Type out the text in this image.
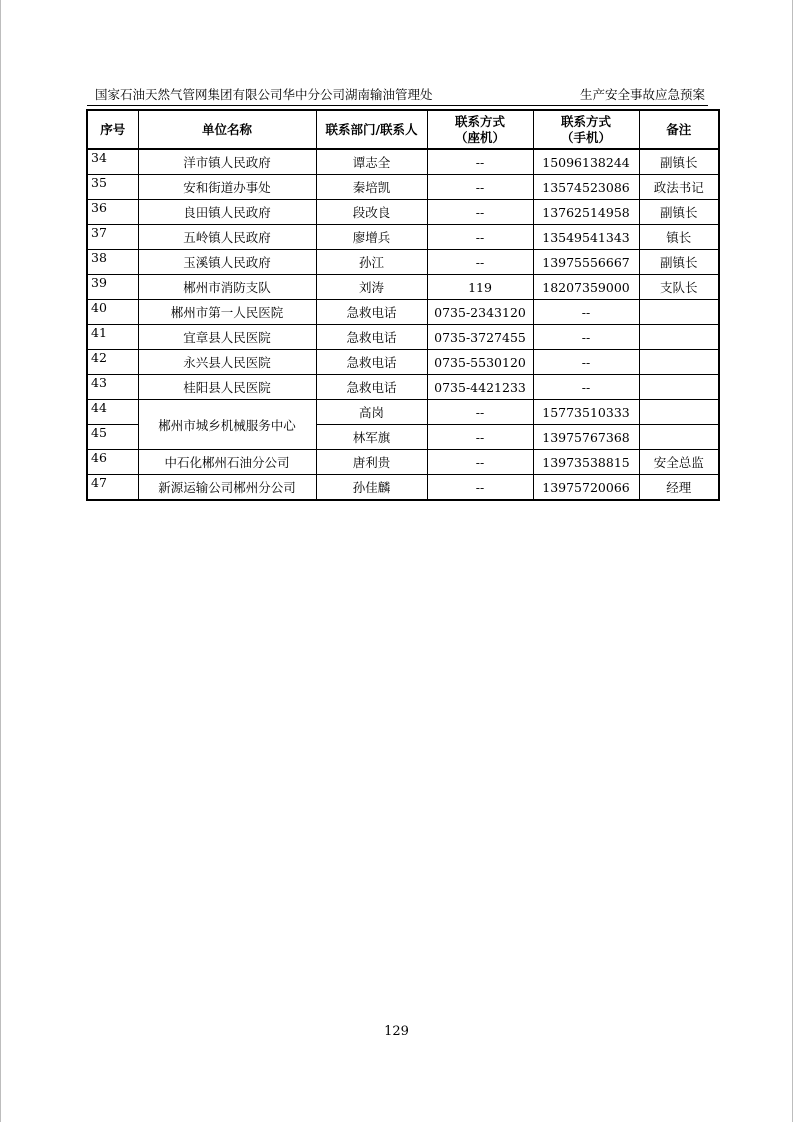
国家石油天然气管网集团有限公司华中分公司湖南输油管理处	生产安全事故应急预案
序号	单位名称	联系部门/联系人	联系方式（座机）	联系方式（手机）	备注
34	洋市镇人民政府	谭志全	--	15096138244	副镇长
35	安和街道办事处	秦培凯	--	13574523086	政法书记
36	良田镇人民政府	段改良	--	13762514958	副镇长
37	五岭镇人民政府	廖增兵	--	13549541343	镇长
38	玉溪镇人民政府	孙江	--	13975556667	副镇长
39	郴州市消防支队	刘涛	119	18207359000	支队长
40	郴州市第一人民医院	急救电话	0735-2343120	--	
41	宜章县人民医院	急救电话	0735-3727455	--	
42	永兴县人民医院	急救电话	0735-5530120	--	
43	桂阳县人民医院	急救电话	0735-4421233	--	
44	郴州市城乡机械服务中心	高岗	--	15773510333	
45		林军旗	--	13975767368	
46	中石化郴州石油分公司	唐利贵	--	13973538815	安全总监
47	新源运输公司郴州分公司	孙佳麟	--	13975720066	经理
129
